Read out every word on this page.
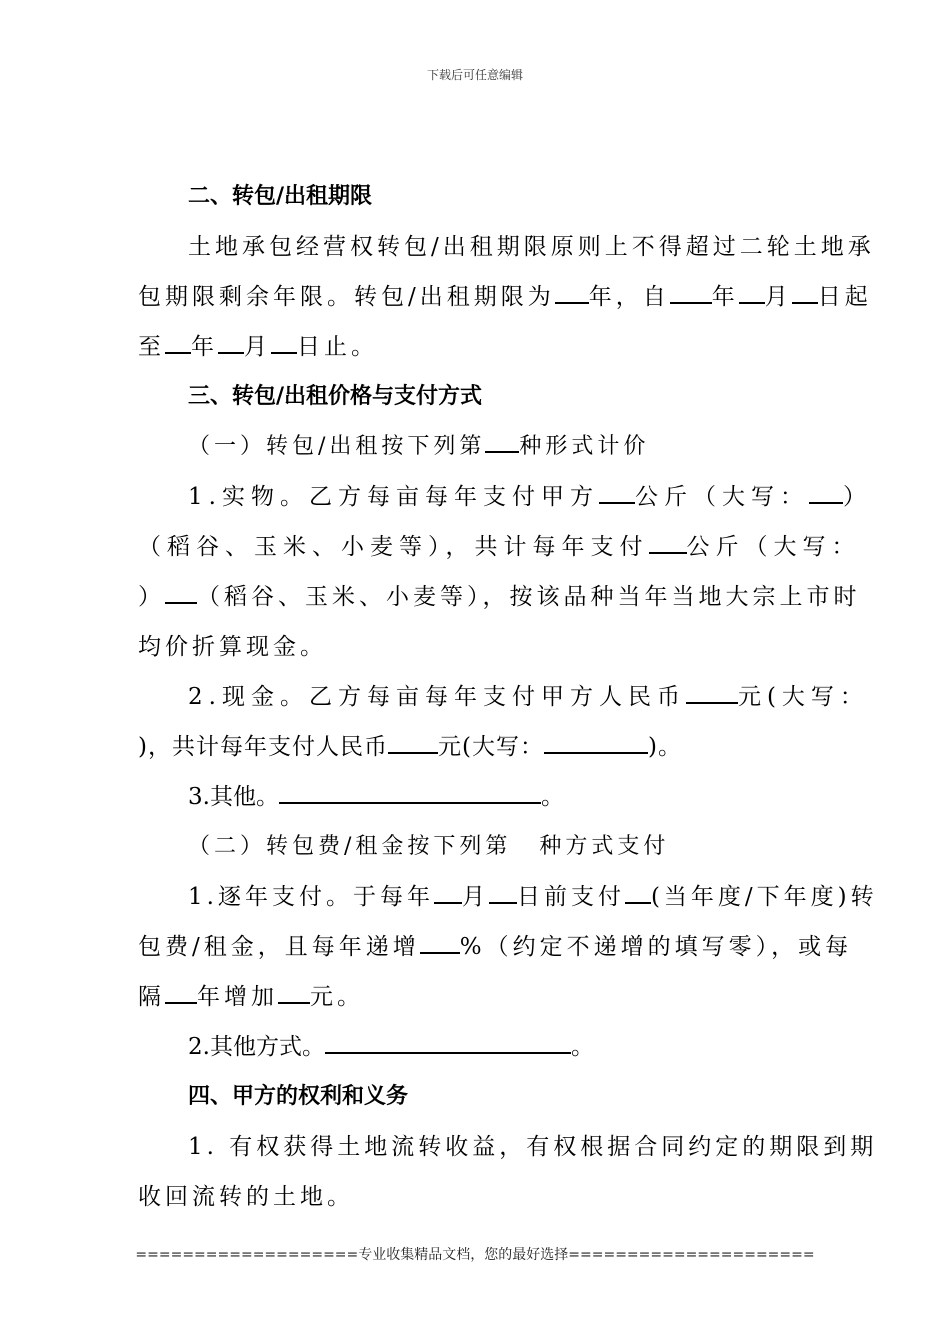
下载后可任意编辑
二、转包/出租期限
土地承包经营权转包/出租期限原则上不得超过二轮土地承
包期限剩余年限。转包/出租期限为 年，自 年 月 日起
至 年 月 日止。
三、转包/出租价格与支付方式
（一）转包/出租按下列第 种形式计价
1.实物。乙方每亩每年支付甲方 公斤（大写： ）
（稻谷、玉米、小麦等），共计每年支付 公斤（大写：
） （稻谷、玉米、小麦等），按该品种当年当地大宗上市时
均价折算现金。
2.现金。乙方每亩每年支付甲方人民币 元(大写：
)，共计每年支付人民币 元(大写：	)。
3.其他。	。
（二）转包费/租金按下列第 种方式支付
1.逐年支付。于每年 月 日前支付 (当年度/下年度)转
包费/租金，且每年递增 %（约定不递增的填写零），或每
隔 年增加 元。
2.其他方式。	。
四、甲方的权利和义务
1. 有权获得土地流转收益，有权根据合同约定的期限到期
收回流转的土地。
===================专业收集精品文档，您的最好选择=====================
